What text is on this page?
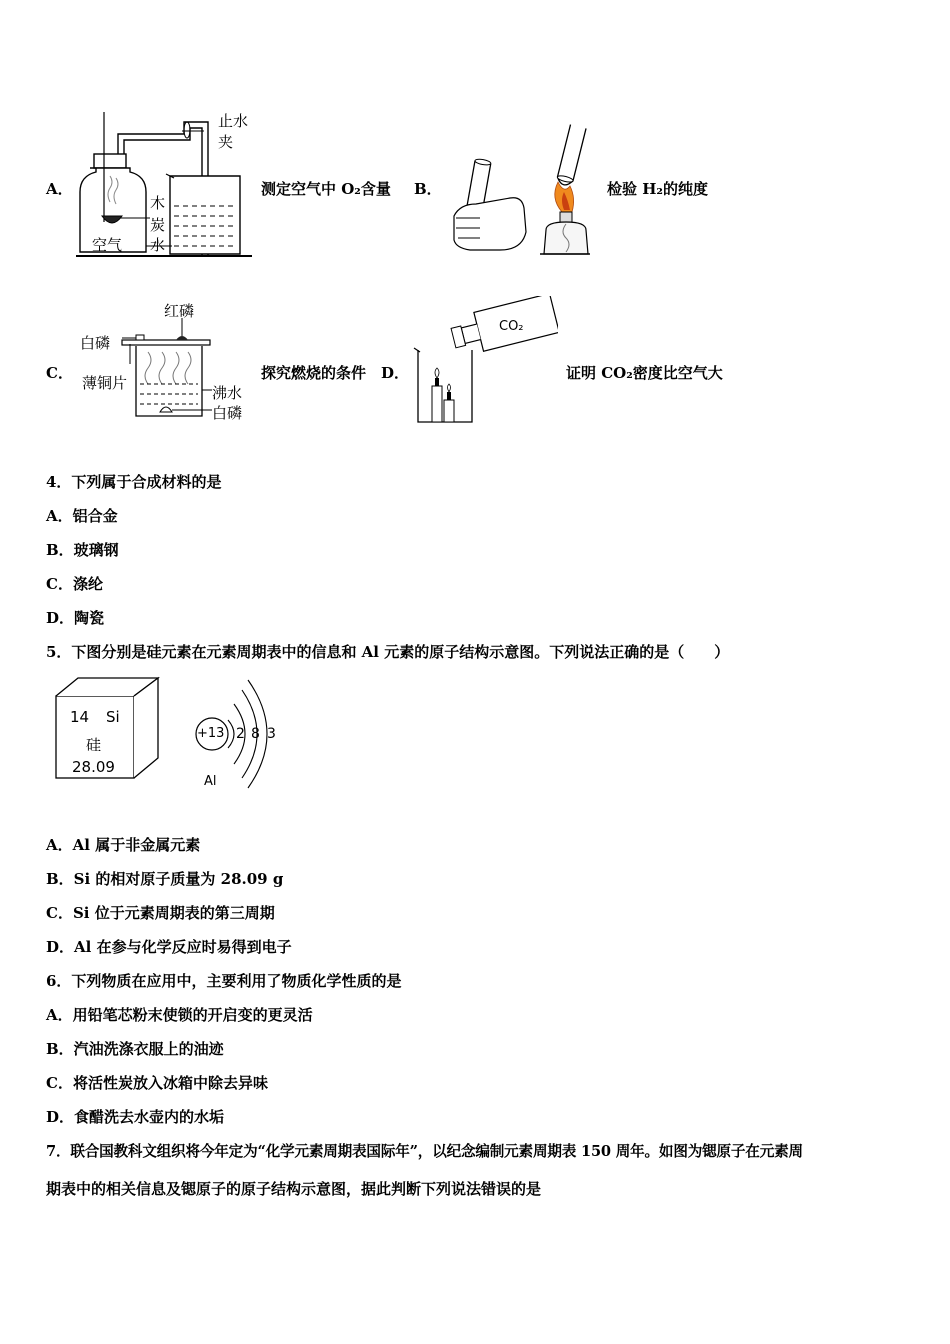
A．
止水夹
木
炭
水
空气
测定空气中 O₂含量 B．	检验 H₂的纯度
C．
红磷
白磷
薄铜片
沸水
白磷
探究燃烧的条件 D．
CO₂
证明 CO₂密度比空气大
4．下列属于合成材料的是
A．铝合金
B．玻璃钢
C．涤纶
D．陶瓷
5．下图分别是硅元素在元素周期表中的信息和 Al 元素的原子结构示意图。下列说法正确的是（　　）
14 Si
硅
28.09
+13 2 8 3
Al
A．Al 属于非金属元素
B．Si 的相对原子质量为 28.09 g
C．Si 位于元素周期表的第三周期
D．Al 在参与化学反应时易得到电子
6．下列物质在应用中，主要利用了物质化学性质的是
A．用铅笔芯粉末使锁的开启变的更灵活
B．汽油洗涤衣服上的油迹
C．将活性炭放入冰箱中除去异味
D．食醋洗去水壶内的水垢
7．联合国教科文组织将今年定为“化学元素周期表国际年”，以纪念编制元素周期表 150 周年。如图为锶原子在元素周
期表中的相关信息及锶原子的原子结构示意图，据此判断下列说法错误的是
